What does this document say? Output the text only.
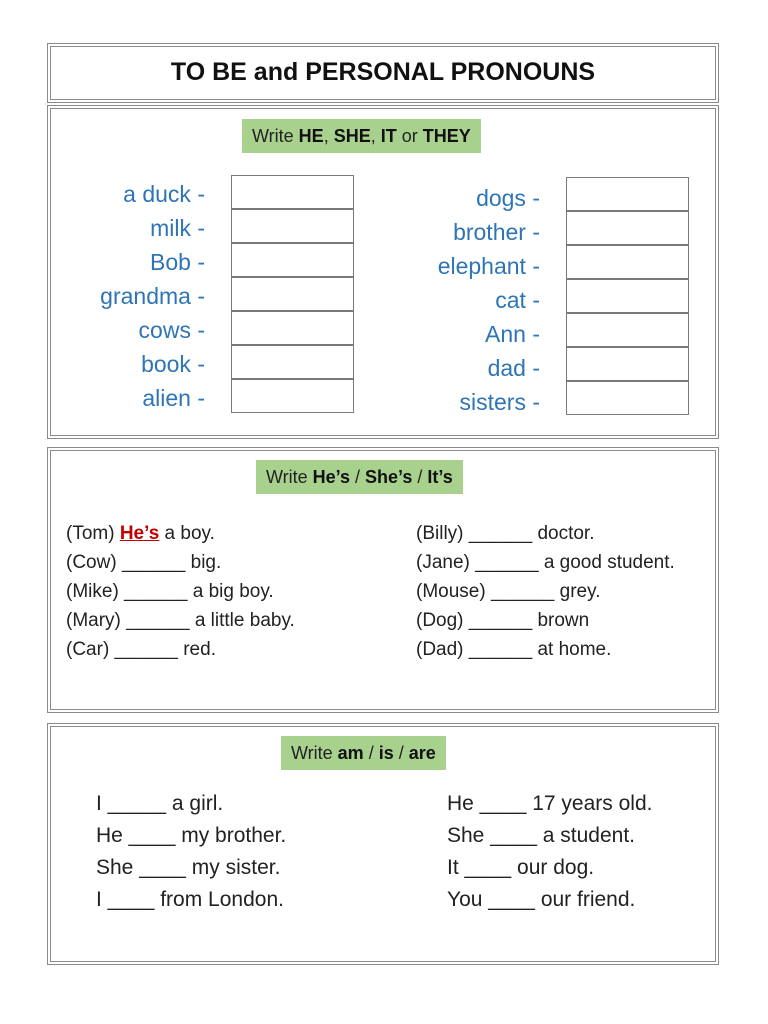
TO BE and PERSONAL PRONOUNS
Write HE, SHE, IT or THEY
a duck -
milk -
Bob -
grandma -
cows -
book -
alien -
dogs -
brother -
elephant -
cat -
Ann -
dad -
sisters -
Write He’s / She’s / It’s
(Tom) He’s a boy.
(Cow) ______ big.
(Mike) ______ a big boy.
(Mary) ______ a little baby.
(Car) ______ red.
(Billy) ______ doctor.
(Jane) ______ a good student.
(Mouse) ______ grey.
(Dog) ______ brown
(Dad) ______ at home.
Write am / is / are
I _____ a girl.
He ____ my brother.
She ____ my sister.
I ____ from London.
He ____ 17 years old.
She ____ a student.
It ____ our dog.
You ____ our friend.
